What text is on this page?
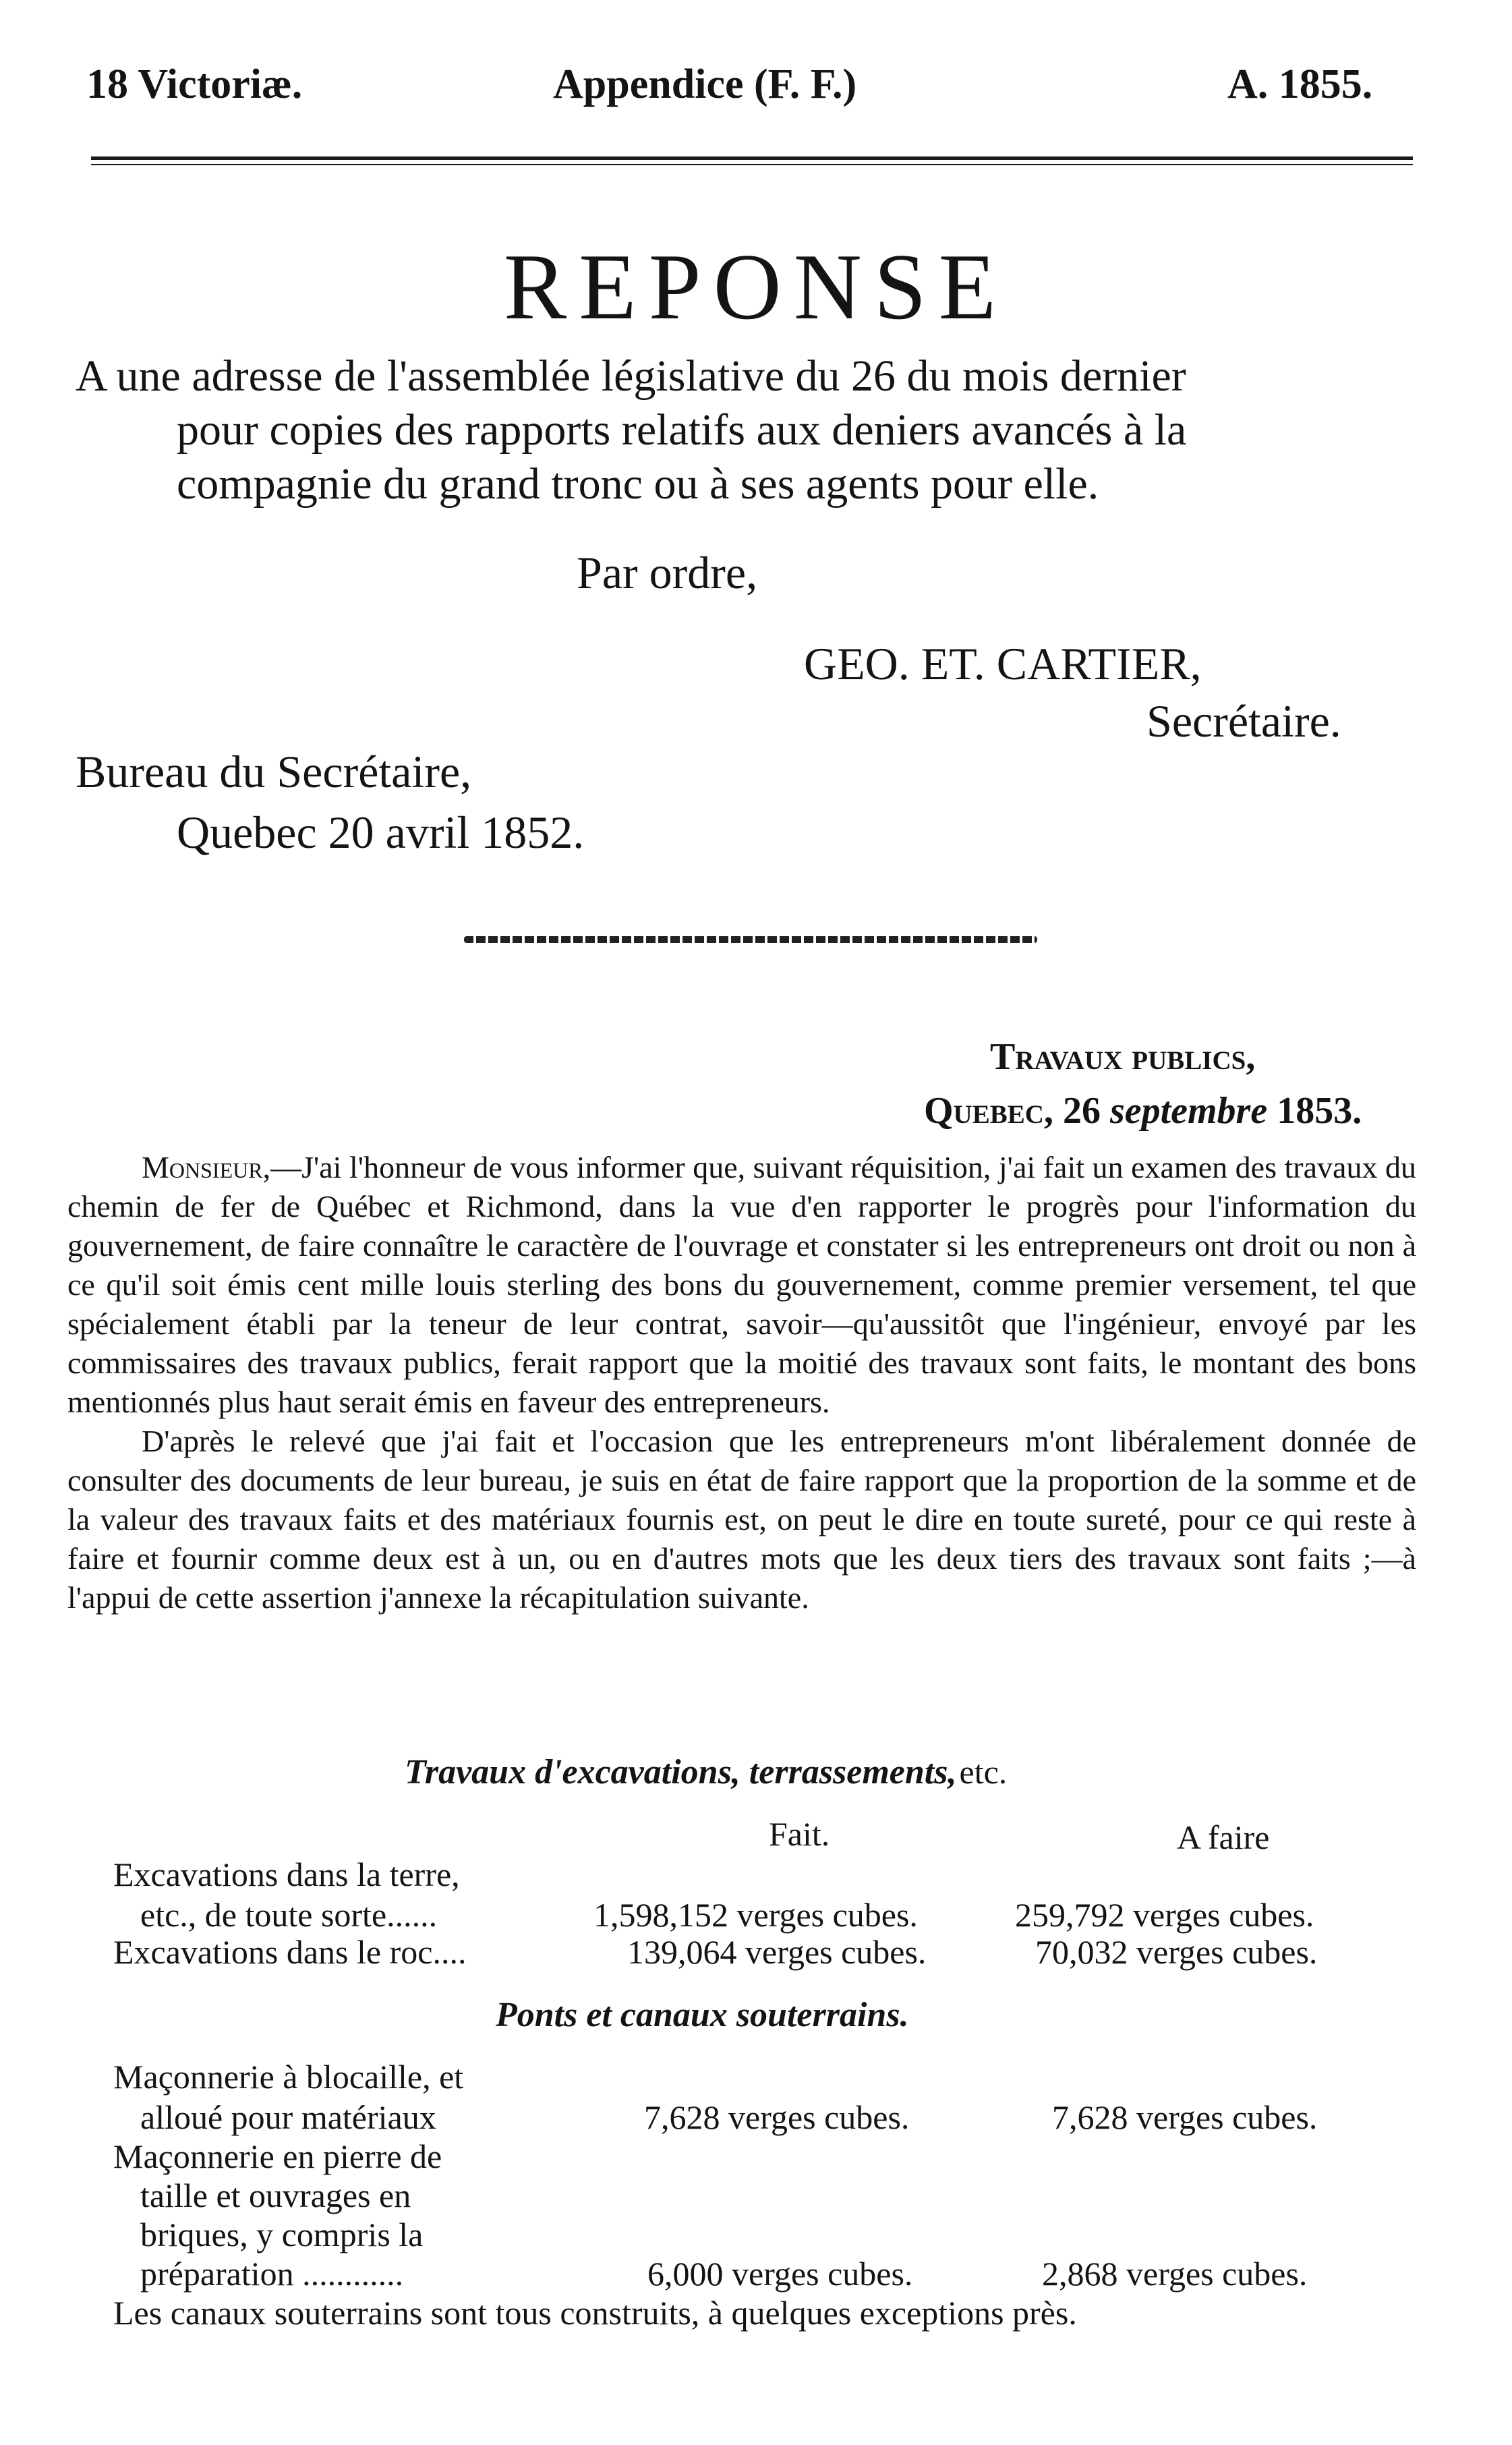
18 Victoriæ.	Appendice (F. F.)	A. 1855.
REPONSE
A une adresse de l'assemblée législative du 26 du mois dernier
pour copies des rapports relatifs aux deniers avancés à la
compagnie du grand tronc ou à ses agents pour elle.
Par ordre,
GEO. ET. CARTIER,
Secrétaire.
Bureau du Secrétaire,
Quebec 20 avril 1852.
Travaux publics,
Quebec, 26 septembre 1853.

Monsieur,—J'ai l'honneur de vous informer que, suivant réquisition, j'ai fait un examen des travaux du chemin de fer de Québec et Richmond, dans la vue d'en rapporter le progrès pour l'information du gouvernement, de faire connaître le caractère de l'ouvrage et constater si les entrepreneurs ont droit ou non à ce qu'il soit émis cent mille louis sterling des bons du gouvernement, comme premier versement, tel que spécialement établi par la teneur de leur contrat, savoir—qu'aussitôt que l'ingénieur, envoyé par les commissaires des travaux publics, ferait rapport que la moitié des travaux sont faits, le montant des bons mentionnés plus haut serait émis en faveur des entrepreneurs.

D'après le relevé que j'ai fait et l'occasion que les entrepreneurs m'ont libéralement donnée de consulter des documents de leur bureau, je suis en état de faire rapport que la proportion de la somme et de la valeur des travaux faits et des matériaux fournis est, on peut le dire en toute sureté, pour ce qui reste à faire et fournir comme deux est à un, ou en d'autres mots que les deux tiers des travaux sont faits ;—à l'appui de cette assertion j'annexe la récapitulation suivante.

Travaux d'excavations, terrassements, etc.
Fait.	A faire
Excavations dans la terre,
etc., de toute sorte......	1,598,152 verges cubes.	259,792 verges cubes.
Excavations dans le roc....	139,064 verges cubes.	70,032 verges cubes.
Ponts et canaux souterrains.
Maçonnerie à blocaille, et
alloué pour matériaux	7,628 verges cubes.	7,628 verges cubes.
Maçonnerie en pierre de
taille et ouvrages en
briques, y compris la
préparation ............	6,000 verges cubes.	2,868 verges cubes.
Les canaux souterrains sont tous construits, à quelques exceptions près.
